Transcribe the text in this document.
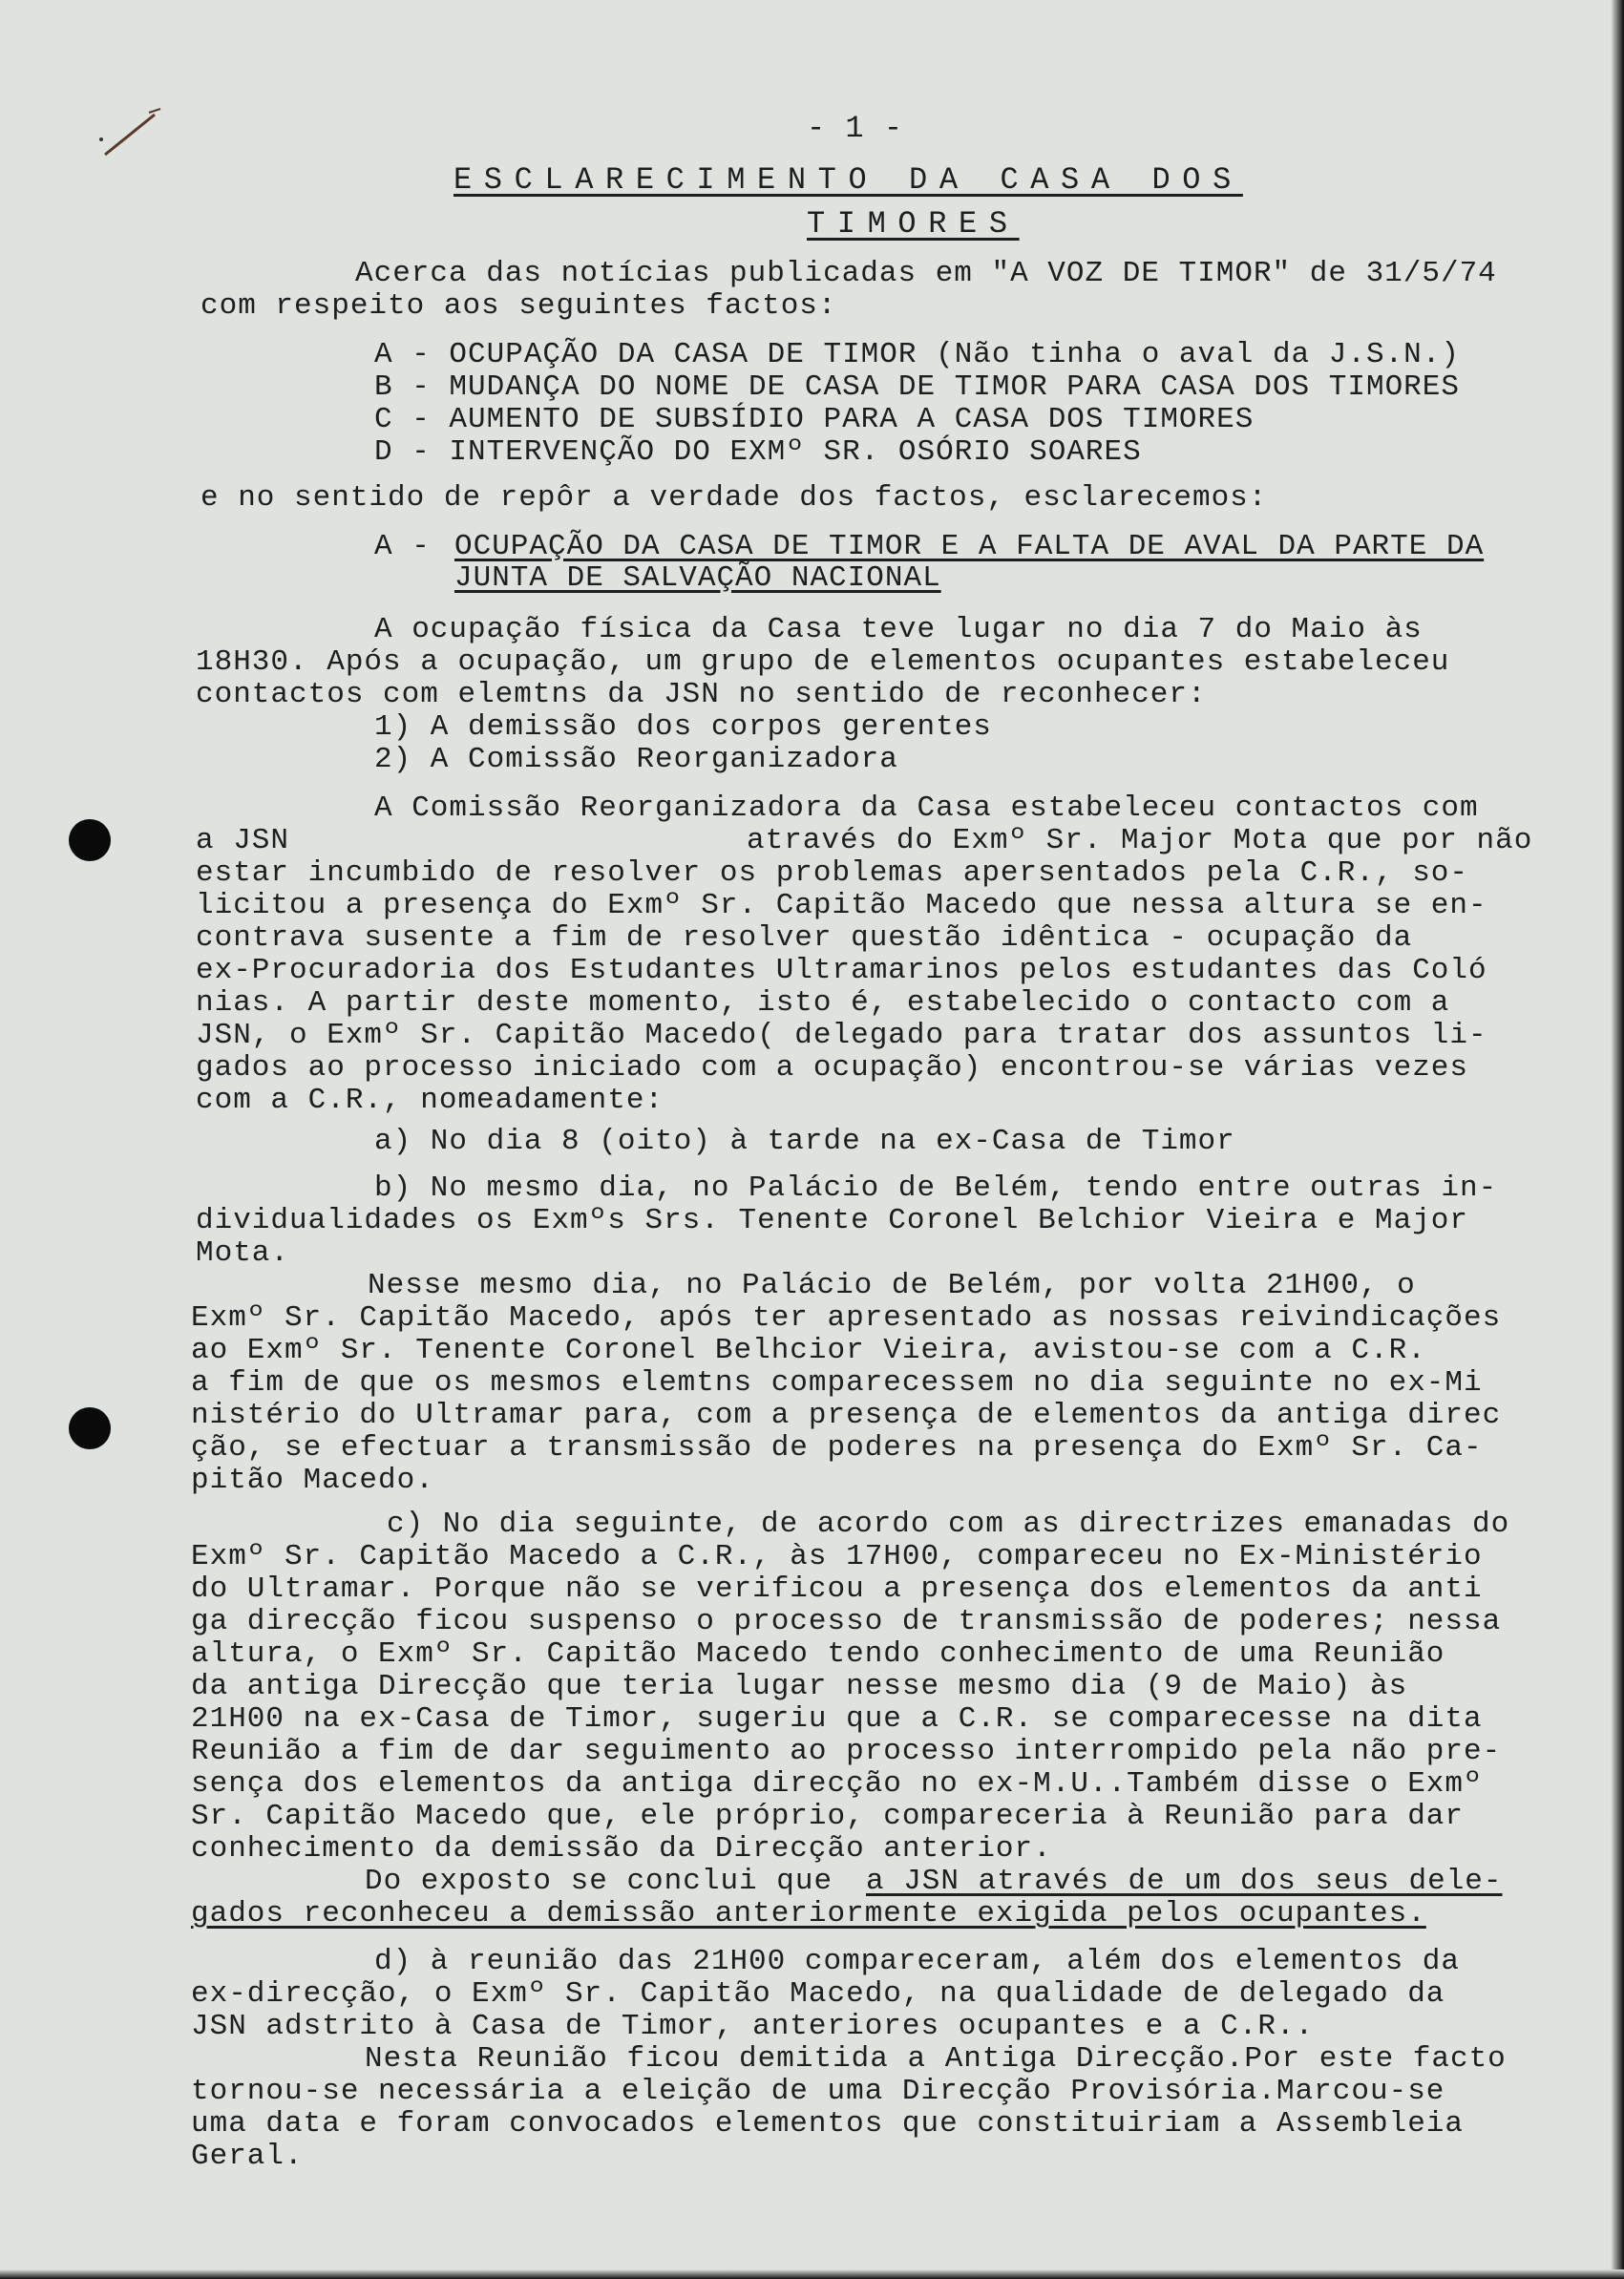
- 1 -
ESCLARECIMENTO DA CASA DOS
TIMORES
Acerca das notícias publicadas em "A VOZ DE TIMOR" de 31/5/74
com respeito aos seguintes factos:
A - OCUPAÇÃO DA CASA DE TIMOR (Não tinha o aval da J.S.N.)
B - MUDANÇA DO NOME DE CASA DE TIMOR PARA CASA DOS TIMORES
C - AUMENTO DE SUBSÍDIO PARA A CASA DOS TIMORES
D - INTERVENÇÃO DO EXMº SR. OSÓRIO SOARES
e no sentido de repôr a verdade dos factos, esclarecemos:
A - OCUPAÇÃO DA CASA DE TIMOR E A FALTA DE AVAL DA PARTE DA
JUNTA DE SALVAÇÃO NACIONAL
A ocupação física da Casa teve lugar no dia 7 do Maio às
18H30. Após a ocupação, um grupo de elementos ocupantes estabeleceu
contactos com elemtns da JSN no sentido de reconhecer:
1) A demissão dos corpos gerentes
2) A Comissão Reorganizadora
A Comissão Reorganizadora da Casa estabeleceu contactos com
a JSN	através do Exmº Sr. Major Mota que por não
estar incumbido de resolver os problemas apersentados pela C.R., so-
licitou a presença do Exmº Sr. Capitão Macedo que nessa altura se en-
contrava susente a fim de resolver questão idêntica - ocupação da
ex-Procuradoria dos Estudantes Ultramarinos pelos estudantes das Coló
nias. A partir deste momento, isto é, estabelecido o contacto com a
JSN, o Exmº Sr. Capitão Macedo( delegado para tratar dos assuntos li-
gados ao processo iniciado com a ocupação) encontrou-se várias vezes
com a C.R., nomeadamente:
a) No dia 8 (oito) à tarde na ex-Casa de Timor
b) No mesmo dia, no Palácio de Belém, tendo entre outras in-
dividualidades os Exmºs Srs. Tenente Coronel Belchior Vieira e Major
Mota.
Nesse mesmo dia, no Palácio de Belém, por volta 21H00, o
Exmº Sr. Capitão Macedo, após ter apresentado as nossas reivindicações
ao Exmº Sr. Tenente Coronel Belhcior Vieira, avistou-se com a C.R.
a fim de que os mesmos elemtns comparecessem no dia seguinte no ex-Mi
nistério do Ultramar para, com a presença de elementos da antiga direc
ção, se efectuar a transmissão de poderes na presença do Exmº Sr. Ca-
pitão Macedo.
c) No dia seguinte, de acordo com as directrizes emanadas do
Exmº Sr. Capitão Macedo a C.R., às 17H00, compareceu no Ex-Ministério
do Ultramar. Porque não se verificou a presença dos elementos da anti
ga direcção ficou suspenso o processo de transmissão de poderes; nessa
altura, o Exmº Sr. Capitão Macedo tendo conhecimento de uma Reunião
da antiga Direcção que teria lugar nesse mesmo dia (9 de Maio) às
21H00 na ex-Casa de Timor, sugeriu que a C.R. se comparecesse na dita
Reunião a fim de dar seguimento ao processo interrompido pela não pre-
sença dos elementos da antiga direcção no ex-M.U..Também disse o Exmº
Sr. Capitão Macedo que, ele próprio, compareceria à Reunião para dar
conhecimento da demissão da Direcção anterior.
Do exposto se conclui que a JSN através de um dos seus dele-
gados reconheceu a demissão anteriormente exigida pelos ocupantes.
d) à reunião das 21H00 compareceram, além dos elementos da
ex-direcção, o Exmº Sr. Capitão Macedo, na qualidade de delegado da
JSN adstrito à Casa de Timor, anteriores ocupantes e a C.R..
Nesta Reunião ficou demitida a Antiga Direcção.Por este facto
tornou-se necessária a eleição de uma Direcção Provisória.Marcou-se
uma data e foram convocados elementos que constituiriam a Assembleia
Geral.
